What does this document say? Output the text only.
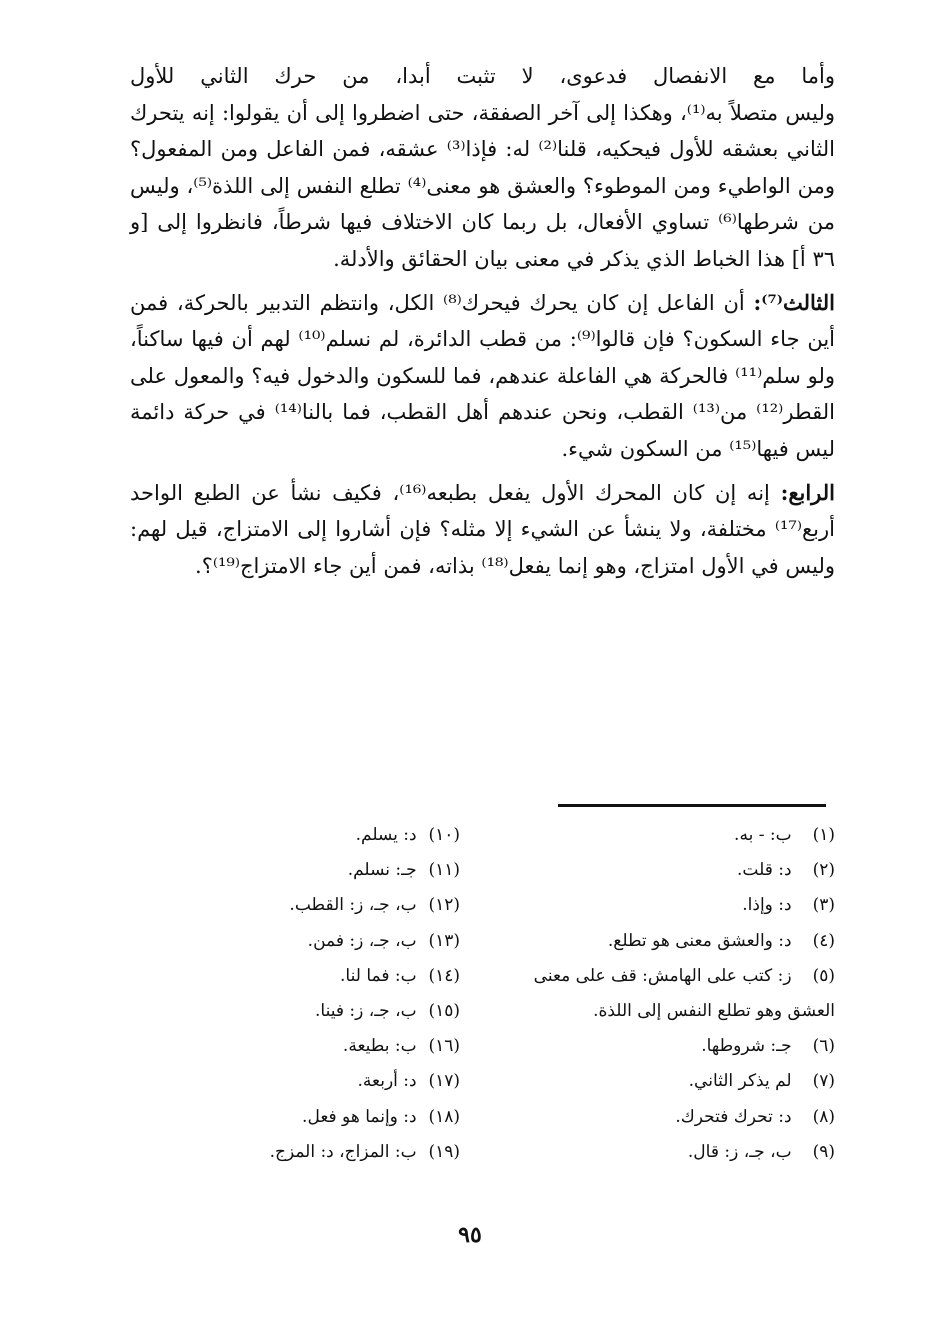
وأما مع الانفصال فدعوى، لا تثبت أبدا، من حرك الثاني للأول

وليس متصلاً به⁽¹⁾، وهكذا إلى آخر الصفقة، حتى اضطروا إلى أن يقولوا: إنه يتحرك الثاني بعشقه للأول فيحكيه، قلنا⁽²⁾ له: فإذا⁽³⁾ عشقه، فمن الفاعل ومن المفعول؟ ومن الواطيء ومن الموطوء؟ والعشق هو معنى⁽⁴⁾ تطلع النفس إلى اللذة⁽⁵⁾، وليس من شرطها⁽⁶⁾ تساوي الأفعال، بل ربما كان الاختلاف فيها شرطاً، فانظروا إلى [و ٣٦ أ] هذا الخباط الذي يذكر في معنى بيان الحقائق والأدلة.

الثالث⁽⁷⁾: أن الفاعل إن كان يحرك فيحرك⁽⁸⁾ الكل، وانتظم التدبير بالحركة، فمن أين جاء السكون؟ فإن قالوا⁽⁹⁾: من قطب الدائرة، لم نسلم⁽¹⁰⁾ لهم أن فيها ساكناً، ولو سلم⁽¹¹⁾ فالحركة هي الفاعلة عندهم، فما للسكون والدخول فيه؟ والمعول على القطر⁽¹²⁾ من⁽¹³⁾ القطب، ونحن عندهم أهل القطب، فما بالنا⁽¹⁴⁾ في حركة دائمة ليس فيها⁽¹⁵⁾ من السكون شيء.

الرابع: إنه إن كان المحرك الأول يفعل بطبعه⁽¹⁶⁾، فكيف نشأ عن الطبع الواحد أربع⁽¹⁷⁾ مختلفة، ولا ينشأ عن الشيء إلا مثله؟ فإن أشاروا إلى الامتزاج، قيل لهم: وليس في الأول امتزاج، وهو إنما يفعل⁽¹⁸⁾ بذاته، فمن أين جاء الامتزاج⁽¹⁹⁾؟.

(١) ب: - به.

(٢) د: قلت.

(٣) د: وإذا.

(٤) د: والعشق معنى هو تطلع.

(٥) ز: كتب على الهامش: قف على معنى العشق وهو تطلع النفس إلى اللذة.

(٦) جـ: شروطها.

(٧) لم يذكر الثاني.

(٨) د: تحرك فتحرك.

(٩) ب، جـ، ز: قال.

(١٠) د: يسلم.

(١١) جـ: نسلم.

(١٢) ب، جـ، ز: القطب.

(١٣) ب، جـ، ز: فمن.

(١٤) ب: فما لنا.

(١٥) ب، جـ، ز: فينا.

(١٦) ب: بطيعة.

(١٧) د: أربعة.

(١٨) د: وإنما هو فعل.

(١٩) ب: المزاج، د: المزج.

٩٥
